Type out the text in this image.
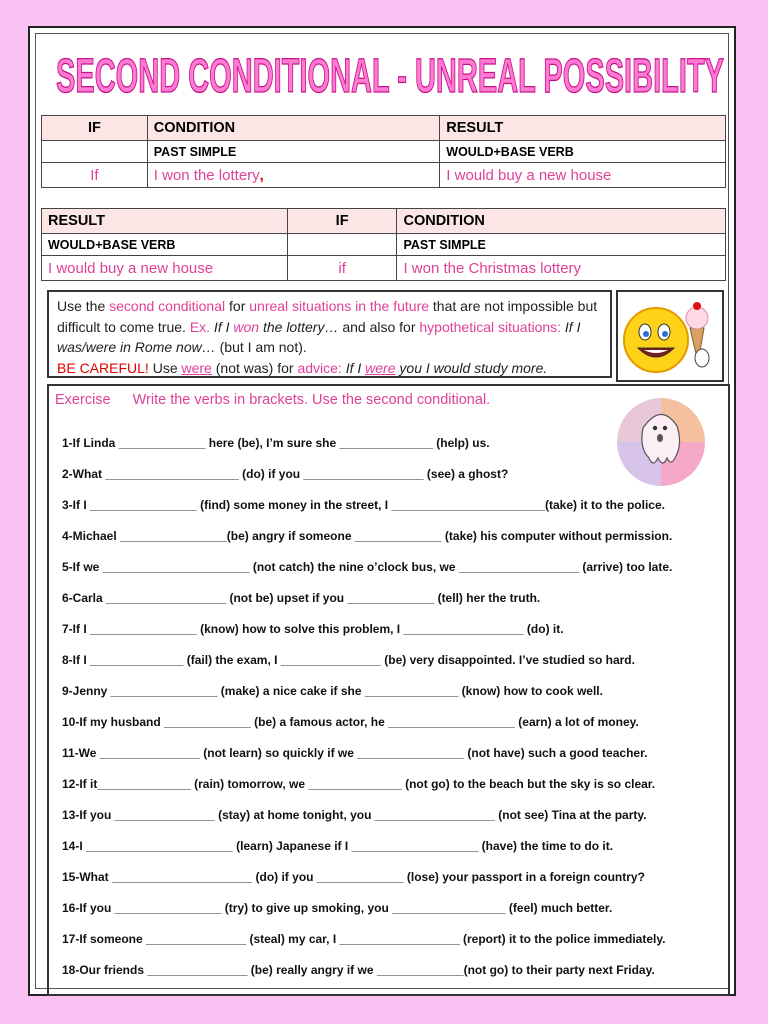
SECOND CONDITIONAL - UNREAL POSSIBILITY
IF	CONDITION	RESULT
	PAST SIMPLE	WOULD+BASE VERB
If	I won the lottery,	I would buy a new house
RESULT	IF	CONDITION
WOULD+BASE VERB		PAST SIMPLE
I would buy a new house	if	I won the Christmas lottery
Use the second conditional for unreal situations in the future that are not impossible but difficult to come true. Ex. If I won the lottery… and also for hypothetical situations: If I was/were in Rome now… (but I am not).
BE CAREFUL! Use were (not was) for advice: If I were you I would study more.
Exercise Write the verbs in brackets. Use the second conditional.
1-If Linda _____________ here (be), I’m sure she ______________ (help) us.
2-What ____________________ (do) if you __________________ (see) a ghost?
3-If I ________________ (find) some money in the street, I _______________________(take) it to the police.
4-Michael ________________(be) angry if someone _____________ (take) his computer without permission.
5-If we ______________________ (not catch) the nine o’clock bus, we __________________ (arrive) too late.
6-Carla __________________ (not be) upset if you _____________ (tell) her the truth.
7-If I ________________ (know) how to solve this problem, I __________________ (do) it.
8-If I ______________ (fail) the exam, I _______________ (be) very disappointed. I’ve studied so hard.
9-Jenny ________________ (make) a nice cake if she ______________ (know) how to cook well.
10-If my husband _____________ (be) a famous actor, he ___________________ (earn) a lot of money.
11-We _______________ (not learn) so quickly if we ________________ (not have) such a good teacher.
12-If it______________ (rain) tomorrow, we ______________ (not go) to the beach but the sky is so clear.
13-If you _______________ (stay) at home tonight, you __________________ (not see) Tina at the party.
14-I ______________________ (learn) Japanese if I ___________________ (have) the time to do it.
15-What _____________________ (do) if you _____________ (lose) your passport in a foreign country?
16-If you ________________ (try) to give up smoking, you _________________ (feel) much better.
17-If someone _______________ (steal) my car, I __________________ (report) it to the police immediately.
18-Our friends _______________ (be) really angry if we _____________(not go) to their party next Friday.
